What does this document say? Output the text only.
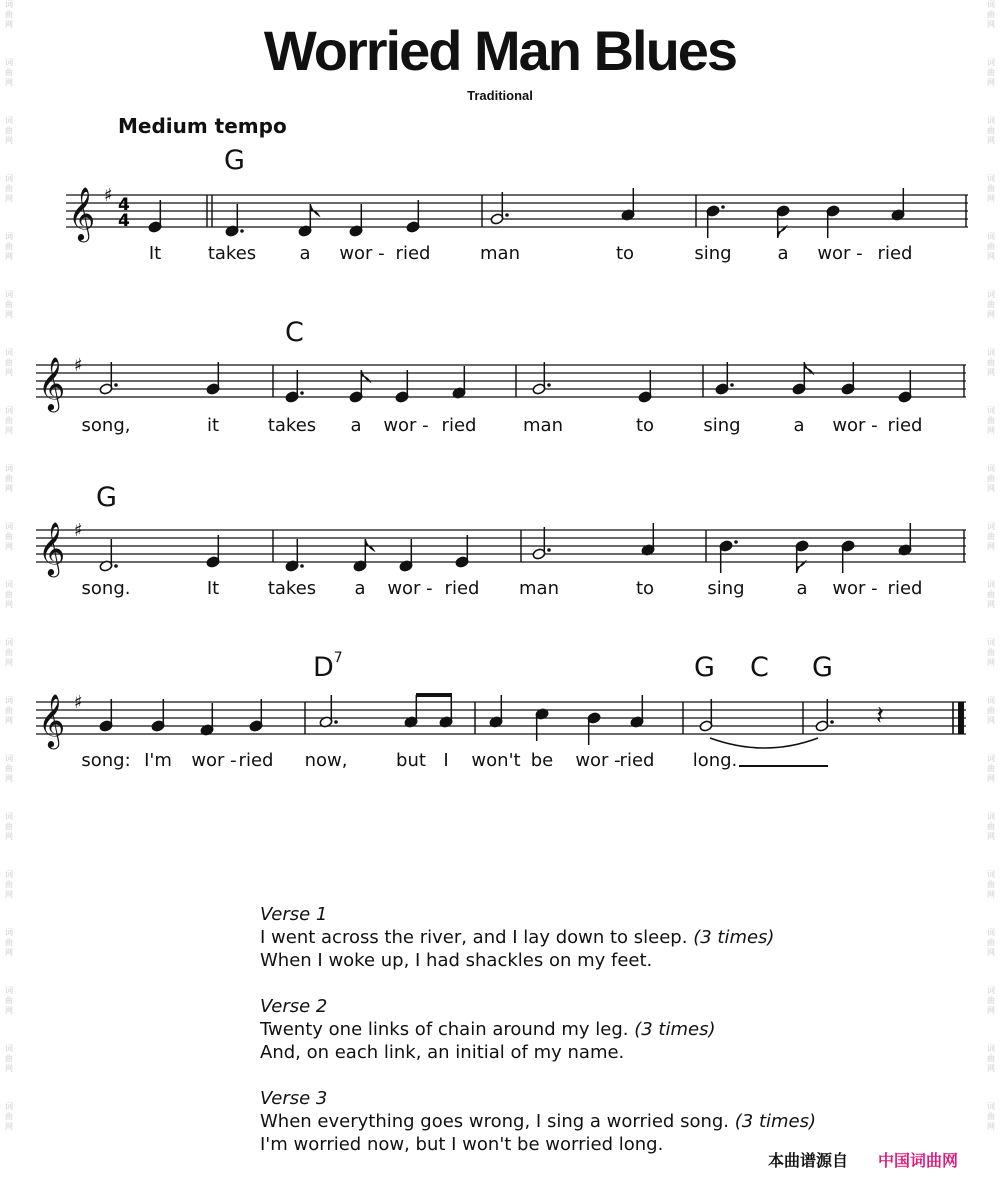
词
曲
网
词
曲
网
词
曲
网
词
曲
网
词
曲
网
词
曲
网
词
曲
网
词
曲
网
词
曲
网
词
曲
网
词
曲
网
词
曲
网
词
曲
网
词
曲
网
词
曲
网
词
曲
网
词
曲
网
词
曲
网
词
曲
网
词
曲
网
词
曲
网
词
曲
网
词
曲
网
词
曲
网
词
曲
网
词
曲
网
词
曲
网
词
曲
网
词
曲
网
词
曲
网
词
曲
网
词
曲
网
词
曲
网
词
曲
网
词
曲
网
词
曲
网
词
曲
网
词
曲
网
词
曲
网
词
曲
网
Worried Man Blues
Traditional
Medium tempo
G
C
G
$D^7$	G C G
𝄞 ♯ 4
4
𝄞 ♯
𝄞 ♯
𝄞 ♯	𝄽
It	takes a wor - ried	man	to	sing	a wor - ried
song,	it	takes a wor - ried	man	to	sing	a wor - ried
song.	It	takes a wor - ried man	to	sing	a wor - ried
song: I'm wor - ried now,	but I won't be wor -
ried long.
Verse 1
I went across the river, and I lay down to sleep. (3 times)
When I woke up, I had shackles on my feet.
Verse 2
Twenty one links of chain around my leg. (3 times)
And, on each link, an initial of my name.
Verse 3
When everything goes wrong, I sing a worried song. (3 times)
I'm worried now, but I won't be worried long.
本曲谱源自 中国词曲网
